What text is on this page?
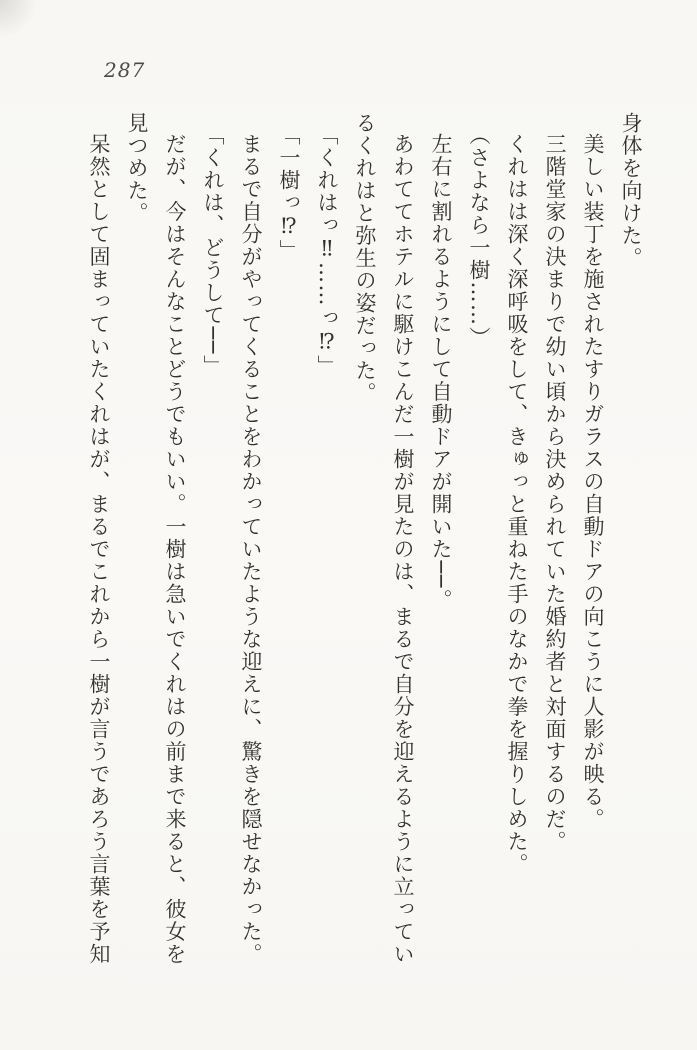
287

身体を向けた。

美しい装丁を施されたすりガラスの自動ドアの向こうに人影が映る。

三階堂家の決まりで幼い頃から決められていた婚約者と対面するのだ。

くれはは深く深呼吸をして、きゅっと重ねた手のなかで拳を握りしめた。

（さよなら一樹……）

左右に割れるようにして自動ドアが開いた──。

あわててホテルに駆けこんだ一樹が見たのは、まるで自分を迎えるように立ってい

るくれはと弥生の姿だった。

「くれはっ‼……っ⁉」

「一樹っ⁉」

まるで自分がやってくることをわかっていたような迎えに、驚きを隠せなかった。

「くれは、どうして──」

だが、今はそんなことどうでもいい。一樹は急いでくれはの前まで来ると、彼女を

見つめた。

呆然として固まっていたくれはが、まるでこれから一樹が言うであろう言葉を予知
